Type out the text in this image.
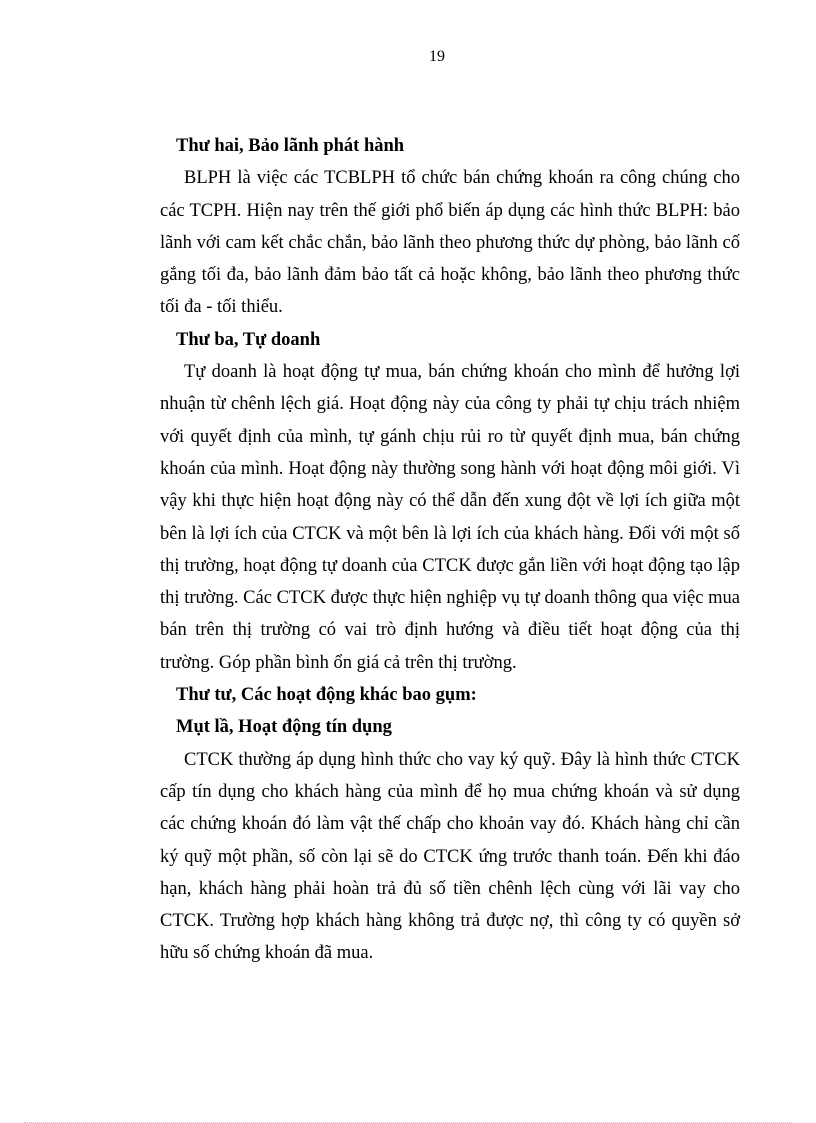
19

Thư hai, Bảo lãnh phát hành

BLPH là việc các TCBLPH tổ chức bán chứng khoán ra công chúng cho các TCPH. Hiện nay trên thế giới phổ biến áp dụng các hình thức BLPH: bảo lãnh với cam kết chắc chắn, bảo lãnh theo phương thức dự phòng, bảo lãnh cố gắng tối đa, bảo lãnh đảm bảo tất cả hoặc không, bảo lãnh theo phương thức tối đa - tối thiểu.

Thư ba, Tự doanh

Tự doanh là hoạt động tự mua, bán chứng khoán cho mình để hưởng lợi nhuận từ chênh lệch giá. Hoạt động này của công ty phải tự chịu trách nhiệm với quyết định của mình, tự gánh chịu rủi ro từ quyết định mua, bán chứng khoán của mình. Hoạt động này thường song hành với hoạt động môi giới. Vì vậy khi thực hiện hoạt động này có thể dẫn đến xung đột về lợi ích giữa một bên là lợi ích của CTCK và một bên là lợi ích của khách hàng. Đối với một số thị trường, hoạt động tự doanh của CTCK được gắn liền với hoạt động tạo lập thị trường. Các CTCK được thực hiện nghiệp vụ tự doanh thông qua việc mua bán trên thị trường có vai trò định hướng và điều tiết hoạt động của thị trường. Góp phần bình ổn giá cả trên thị trường.

Thư tư, Các hoạt động khác bao gụm:

Mụt lầ, Hoạt động tín dụng

CTCK thường áp dụng hình thức cho vay ký quỹ. Đây là hình thức CTCK cấp tín dụng cho khách hàng của mình để họ mua chứng khoán và sử dụng các chứng khoán đó làm vật thế chấp cho khoản vay đó. Khách hàng chỉ cần ký quỹ một phần, số còn lại sẽ do CTCK ứng trước thanh toán. Đến khi đáo hạn, khách hàng phải hoàn trả đủ số tiền chênh lệch cùng với lãi vay cho CTCK. Trường hợp khách hàng không trả được nợ, thì công ty có quyền sở hữu số chứng khoán đã mua.
